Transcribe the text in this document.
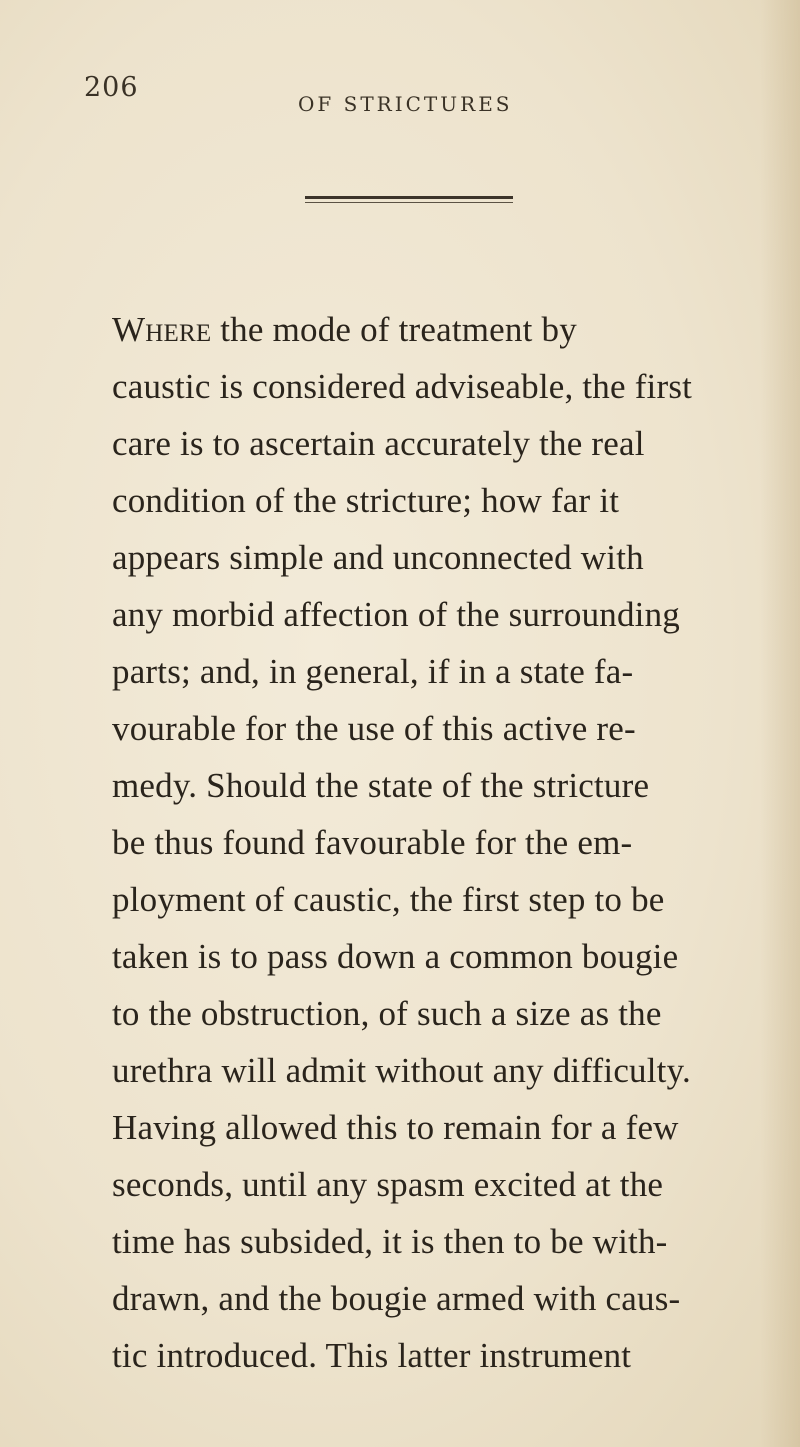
206
OF STRICTURES
Where the mode of treatment by
caustic is considered adviseable, the first
care is to ascertain accurately the real
condition of the stricture; how far it
appears simple and unconnected with
any morbid affection of the surrounding
parts; and, in general, if in a state fa-
vourable for the use of this active re-
medy. Should the state of the stricture
be thus found favourable for the em-
ployment of caustic, the first step to be
taken is to pass down a common bougie
to the obstruction, of such a size as the
urethra will admit without any difficulty.
Having allowed this to remain for a few
seconds, until any spasm excited at the
time has subsided, it is then to be with-
drawn, and the bougie armed with caus-
tic introduced. This latter instrument
